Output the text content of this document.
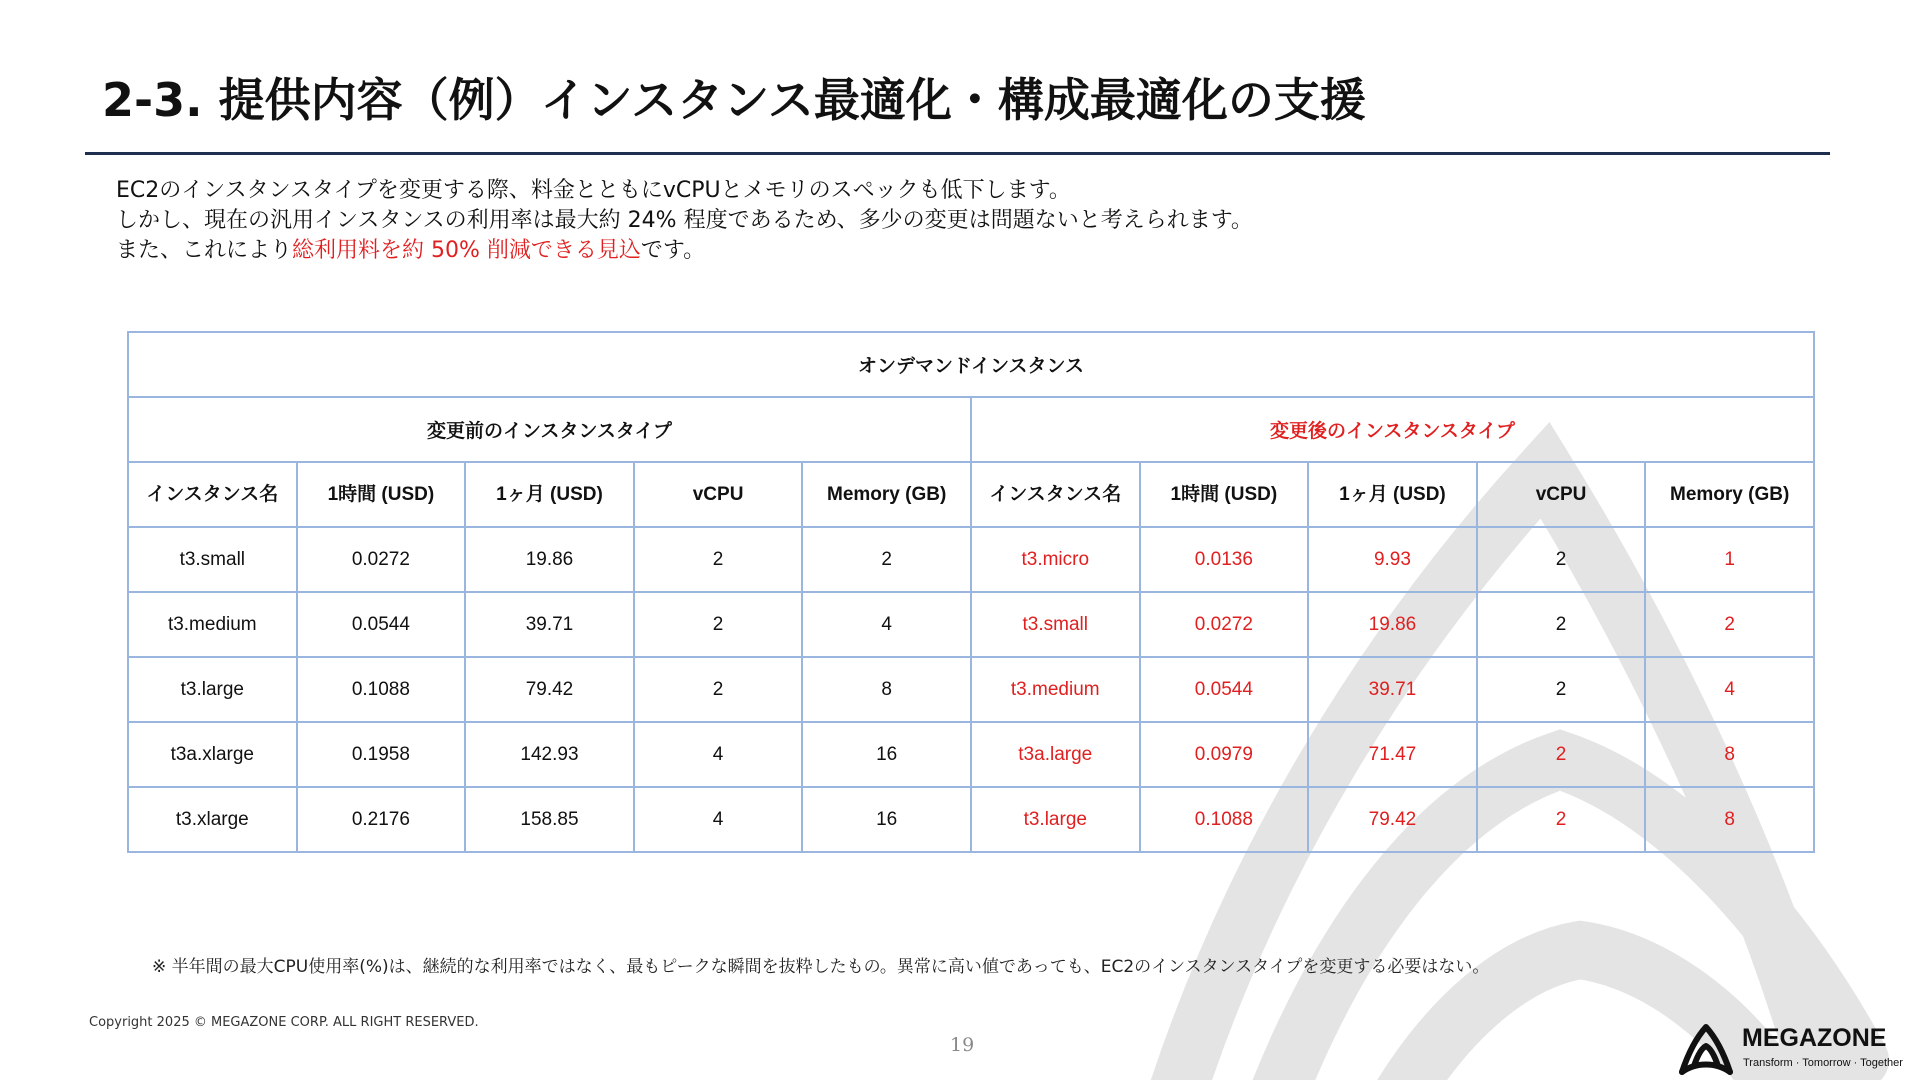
2-3. 提供内容（例）インスタンス最適化・構成最適化の支援

EC2のインスタンスタイプを変更する際、料金とともにvCPUとメモリのスペックも低下します。

しかし、現在の汎用インスタンスの利用率は最大約 24% 程度であるため、多少の変更は問題ないと考えられます。

また、これにより総利用料を約 50% 削減できる見込です。

オンデマンドインスタンス									
変更前のインスタンスタイプ					変更後のインスタンスタイプ				
インスタンス名	1時間 (USD)	1ヶ月 (USD)	vCPU	Memory (GB)	インスタンス名	1時間 (USD)	1ヶ月 (USD)	vCPU	Memory (GB)
t3.small	0.0272	19.86	2	2	t3.micro	0.0136	9.93	2	1
t3.medium	0.0544	39.71	2	4	t3.small	0.0272	19.86	2	2
t3.large	0.1088	79.42	2	8	t3.medium	0.0544	39.71	2	4
t3a.xlarge	0.1958	142.93	4	16	t3a.large	0.0979	71.47	2	8
t3.xlarge	0.2176	158.85	4	16	t3.large	0.1088	79.42	2	8
※ 半年間の最大CPU使用率(%)は、継続的な利用率ではなく、最もピークな瞬間を抜粋したもの。異常に高い値であっても、EC2のインスタンスタイプを変更する必要はない。
Copyright 2025 © MEGAZONE CORP. ALL RIGHT RESERVED.
19	MEGAZONE
Transform · Tomorrow · Together
